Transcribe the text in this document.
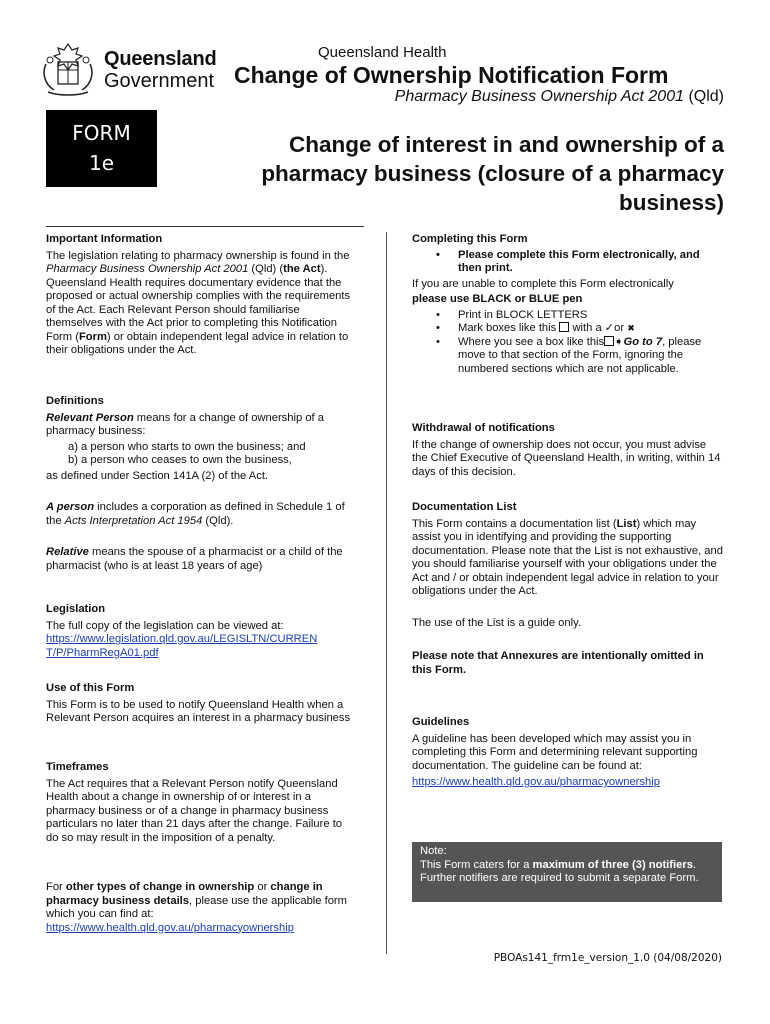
Queensland
Government
Queensland Health
Change of Ownership Notification Form
Pharmacy Business Ownership Act 2001 (Qld)
FORM
1e
Change of interest in and ownership of a pharmacy business (closure of a pharmacy business)

Important Information

The legislation relating to pharmacy ownership is found in the Pharmacy Business Ownership Act 2001 (Qld) (the Act). Queensland Health requires documentary evidence that the proposed or actual ownership complies with the requirements of the Act. Each Relevant Person should familiarise themselves with the Act prior to completing this Notification Form (Form) or obtain independent legal advice in relation to their obligations under the Act.

Definitions

Relevant Person means for a change of ownership of a pharmacy business:

a) a person who starts to own the business; and

b) a person who ceases to own the business,

as defined under Section 141A (2) of the Act.

A person includes a corporation as defined in Schedule 1 of the Acts Interpretation Act 1954 (Qld).

Relative means the spouse of a pharmacist or a child of the pharmacist (who is at least 18 years of age)

Legislation

The full copy of the legislation can be viewed at:

https://www.legislation.qld.gov.au/LEGISLTN/CURREN
T/P/PharmRegA01.pdf

Use of this Form

This Form is to be used to notify Queensland Health when a Relevant Person acquires an interest in a pharmacy business

Timeframes

The Act requires that a Relevant Person notify Queensland Health about a change in ownership of or interest in a pharmacy business or of a change in pharmacy business particulars no later than 21 days after the change. Failure to do so may result in the imposition of a penalty.

For other types of change in ownership or change in pharmacy business details, please use the applicable form which you can find at:

https://www.health.qld.gov.au/pharmacyownership

Completing this Form

• Please complete this Form electronically, and then print.

If you are unable to complete this Form electronically

please use BLACK or BLUE pen

• Print in BLOCK LETTERS
• Mark boxes like this  with a ✓or ✖
• Where you see a box like this ➧Go to 7, please move to that section of the Form, ignoring the numbered sections which are not applicable.

Withdrawal of notifications

If the change of ownership does not occur, you must advise the Chief Executive of Queensland Health, in writing, within 14 days of this decision.

Documentation List

This Form contains a documentation list (List) which may assist you in identifying and providing the supporting documentation. Please note that the List is not exhaustive, and you should familiarise yourself with your obligations under the Act and / or obtain independent legal advice in relation to your obligations under the Act.

The use of the List is a guide only.

Please note that Annexures are intentionally omitted in this Form.

Guidelines

A guideline has been developed which may assist you in completing this Form and determining relevant supporting documentation. The guideline can be found at:

https://www.health.qld.gov.au/pharmacyownership

Note:

This Form caters for a maximum of three (3) notifiers. Further notifiers are required to submit a separate Form.

PBOAs141_frm1e_version_1.0 (04/08/2020)
